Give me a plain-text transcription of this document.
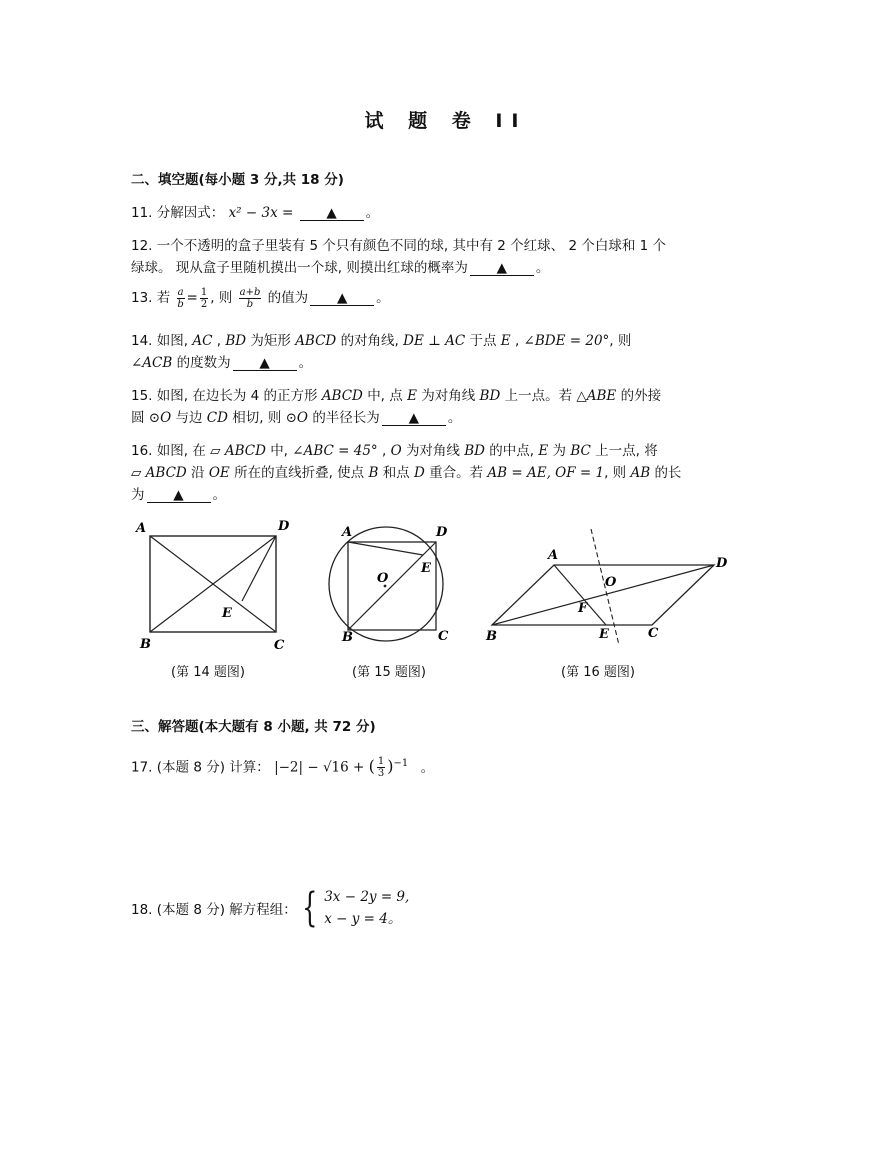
试 题 卷 II
二、填空题(每小题 3 分,共 18 分)
11. 分解因式： x² − 3x = ▲ 。
12. 一个不透明的盒子里装有 5 个只有颜色不同的球, 其中有 2 个红球、 2 个白球和 1 个
绿球。 现从盒子里随机摸出一个球, 则摸出红球的概率为 ▲ 。
13. 若 $\frac{a}{b} = \frac{1}{2}$ , 则 $\frac{a+b}{b}$ 的值为 ▲ 。
14. 如图, AC , BD 为矩形 ABCD 的对角线, DE ⊥ AC 于点 E , ∠BDE = 20°, 则
∠ACB 的度数为 ▲ 。
15. 如图, 在边长为 4 的正方形 ABCD 中, 点 E 为对角线 BD 上一点。若 △ABE 的外接
圆 ⊙O 与边 CD 相切, 则 ⊙O 的半径长为 ▲ 。
16. 如图, 在 ▱ ABCD 中, ∠ABC = 45° , O 为对角线 BD 的中点, E 为 BC 上一点, 将
▱ ABCD 沿 OE 所在的直线折叠, 使点 B 和点 D 重合。若 AB = AE, OF = 1, 则 AB 的长
为 ▲ 。
A	D
B	C
E
(第 14 题图)
A	D
B	C
E
O
(第 15 题图)
A
D
B	C
E
O
F
(第 16 题图)
三、解答题(本大题有 8 小题, 共 72 分)
17. (本题 8 分) 计算： |−2| − √16 + ( $\frac{1}{3} )^{-1}$ 。
18. (本题 8 分) 解方程组： { 3x − 2y = 9,
x − y = 4。
